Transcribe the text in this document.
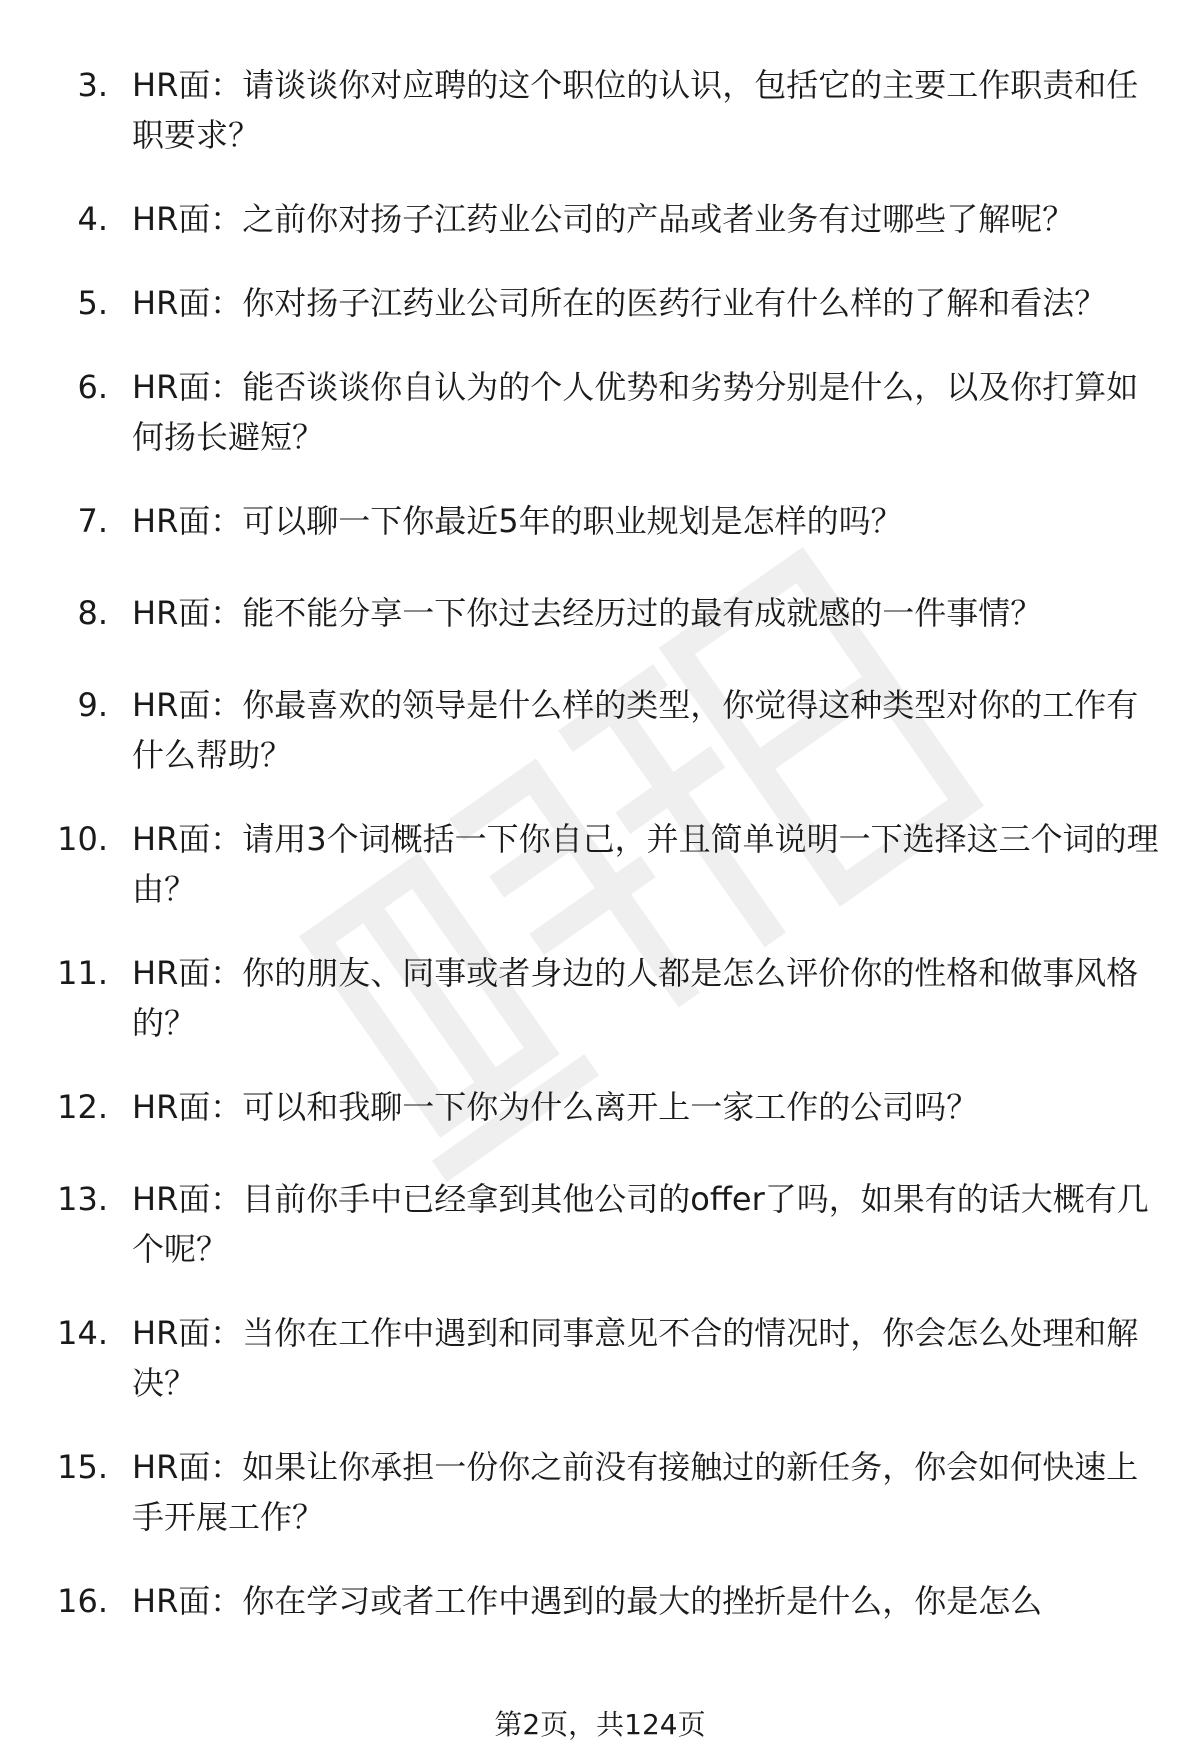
3. HR面：请谈谈你对应聘的这个职位的认识，包括它的主要工作职责和任职要求？
4. HR面：之前你对扬子江药业公司的产品或者业务有过哪些了解呢？
5. HR面：你对扬子江药业公司所在的医药行业有什么样的了解和看法？
6. HR面：能否谈谈你自认为的个人优势和劣势分别是什么，以及你打算如何扬长避短？
7. HR面：可以聊一下你最近5年的职业规划是怎样的吗？
8. HR面：能不能分享一下你过去经历过的最有成就感的一件事情？
9. HR面：你最喜欢的领导是什么样的类型，你觉得这种类型对你的工作有什么帮助？
10. HR面：请用3个词概括一下你自己，并且简单说明一下选择这三个词的理由？
11. HR面：你的朋友、同事或者身边的人都是怎么评价你的性格和做事风格的？
12. HR面：可以和我聊一下你为什么离开上一家工作的公司吗？
13. HR面：目前你手中已经拿到其他公司的offer了吗，如果有的话大概有几个呢？
14. HR面：当你在工作中遇到和同事意见不合的情况时，你会怎么处理和解决？
15. HR面：如果让你承担一份你之前没有接触过的新任务，你会如何快速上手开展工作？
16. HR面：你在学习或者工作中遇到的最大的挫折是什么，你是怎么
第2页，共124页
